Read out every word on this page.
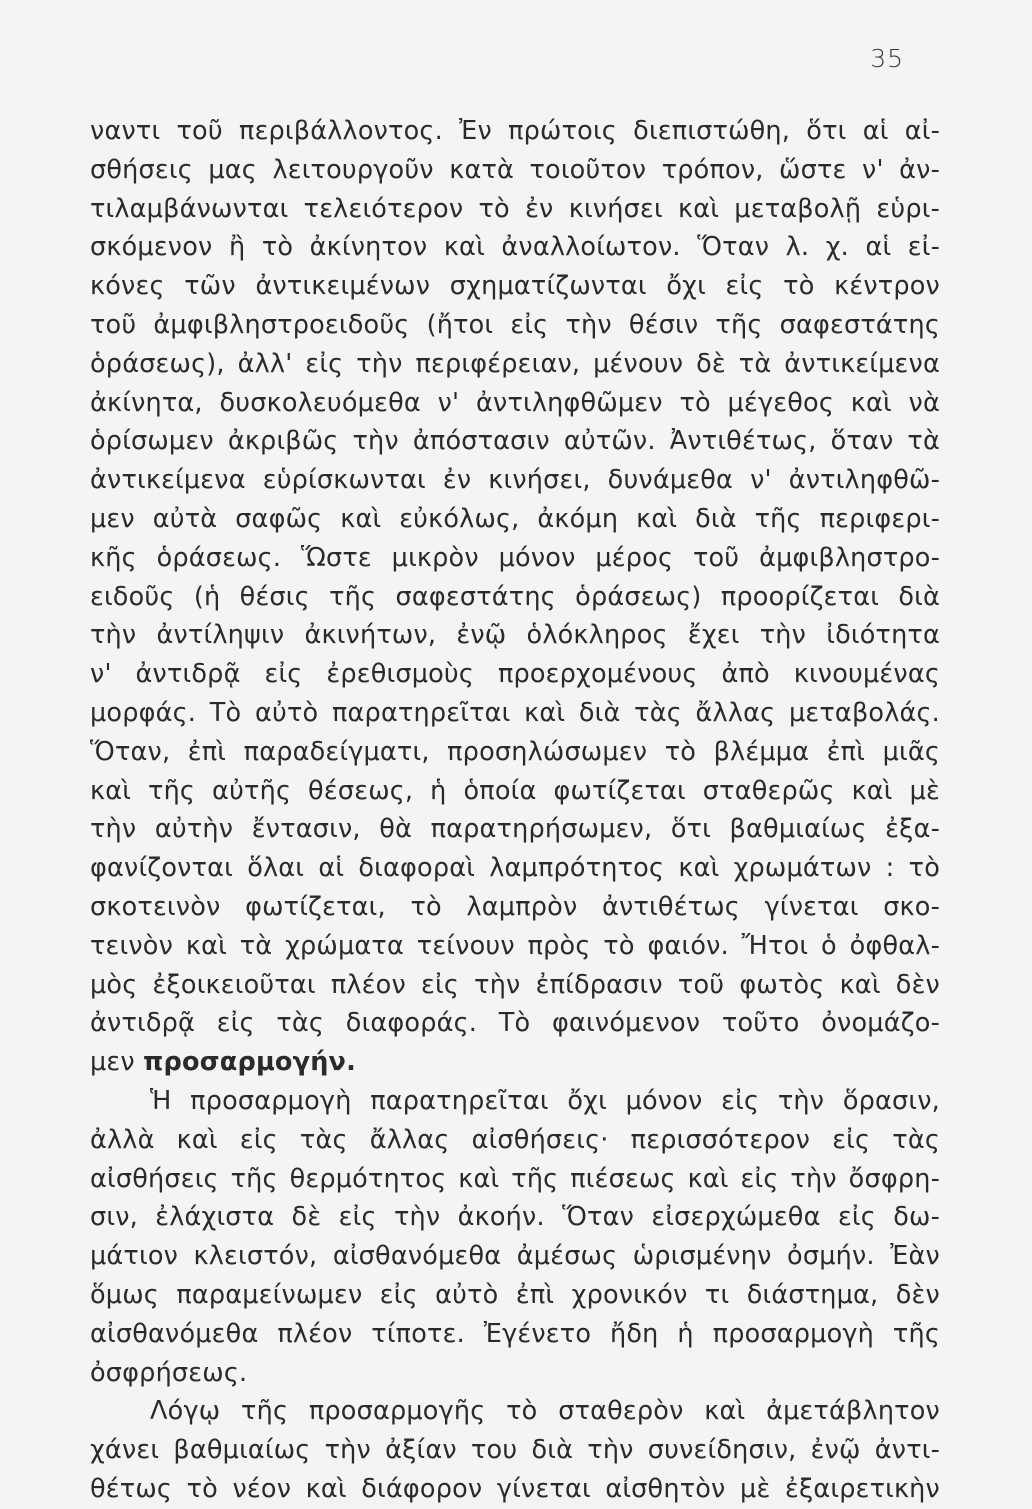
35
ναντι τοῦ περιβάλλοντος. Ἐν πρώτοις διεπιστώθη, ὅτι αἱ αἰ-
σθήσεις μας λειτουργοῦν κατὰ τοιοῦτον τρόπον, ὥστε ν' ἀν-
τιλαμβάνωνται τελειότερον τὸ ἐν κινήσει καὶ μεταβολῇ εὑρι-
σκόμενον ἢ τὸ ἀκίνητον καὶ ἀναλλοίωτον. Ὅταν λ. χ. αἱ εἰ-
κόνες τῶν ἀντικειμένων σχηματίζωνται ὄχι εἰς τὸ κέντρον
τοῦ ἀμφιβληστροειδοῦς (ἤτοι εἰς τὴν θέσιν τῆς σαφεστάτης
ὁράσεως), ἀλλ' εἰς τὴν περιφέρειαν, μένουν δὲ τὰ ἀντικείμενα
ἀκίνητα, δυσκολευόμεθα ν' ἀντιληφθῶμεν τὸ μέγεθος καὶ νὰ
ὁρίσωμεν ἀκριβῶς τὴν ἀπόστασιν αὐτῶν. Ἀντιθέτως, ὅταν τὰ
ἀντικείμενα εὑρίσκωνται ἐν κινήσει, δυνάμεθα ν' ἀντιληφθῶ-
μεν αὐτὰ σαφῶς καὶ εὐκόλως, ἀκόμη καὶ διὰ τῆς περιφερι-
κῆς ὁράσεως. Ὥστε μικρὸν μόνον μέρος τοῦ ἀμφιβληστρο-
ειδοῦς (ἡ θέσις τῆς σαφεστάτης ὁράσεως) προορίζεται διὰ
τὴν ἀντίληψιν ἀκινήτων, ἐνῷ ὁλόκληρος ἔχει τὴν ἰδιότητα
ν' ἀντιδρᾷ εἰς ἐρεθισμοὺς προερχομένους ἀπὸ κινουμένας
μορφάς. Τὸ αὐτὸ παρατηρεῖται καὶ διὰ τὰς ἄλλας μεταβολάς.
Ὅταν, ἐπὶ παραδείγματι, προσηλώσωμεν τὸ βλέμμα ἐπὶ μιᾶς
καὶ τῆς αὐτῆς θέσεως, ἡ ὁποία φωτίζεται σταθερῶς καὶ μὲ
τὴν αὐτὴν ἔντασιν, θὰ παρατηρήσωμεν, ὅτι βαθμιαίως ἐξα-
φανίζονται ὅλαι αἱ διαφοραὶ λαμπρότητος καὶ χρωμάτων : τὸ
σκοτεινὸν φωτίζεται, τὸ λαμπρὸν ἀντιθέτως γίνεται σκο-
τεινὸν καὶ τὰ χρώματα τείνουν πρὸς τὸ φαιόν. Ἤτοι ὁ ὀφθαλ-
μὸς ἐξοικειοῦται πλέον εἰς τὴν ἐπίδρασιν τοῦ φωτὸς καὶ δὲν
ἀντιδρᾷ εἰς τὰς διαφοράς. Τὸ φαινόμενον τοῦτο ὀνομάζο-
μεν προσαρμογήν.
Ἡ προσαρμογὴ παρατηρεῖται ὄχι μόνον εἰς τὴν ὅρασιν,
ἀλλὰ καὶ εἰς τὰς ἄλλας αἰσθήσεις· περισσότερον εἰς τὰς
αἰσθήσεις τῆς θερμότητος καὶ τῆς πιέσεως καὶ εἰς τὴν ὄσφρη-
σιν, ἐλάχιστα δὲ εἰς τὴν ἀκοήν. Ὅταν εἰσερχώμεθα εἰς δω-
μάτιον κλειστόν, αἰσθανόμεθα ἀμέσως ὡρισμένην ὀσμήν. Ἐὰν
ὅμως παραμείνωμεν εἰς αὐτὸ ἐπὶ χρονικόν τι διάστημα, δὲν
αἰσθανόμεθα πλέον τίποτε. Ἐγένετο ἤδη ἡ προσαρμογὴ τῆς
ὀσφρήσεως.
Λόγῳ τῆς προσαρμογῆς τὸ σταθερὸν καὶ ἀμετάβλητον
χάνει βαθμιαίως τὴν ἀξίαν του διὰ τὴν συνείδησιν, ἐνῷ ἀντι-
θέτως τὸ νέον καὶ διάφορον γίνεται αἰσθητὸν μὲ ἐξαιρετικὴν
